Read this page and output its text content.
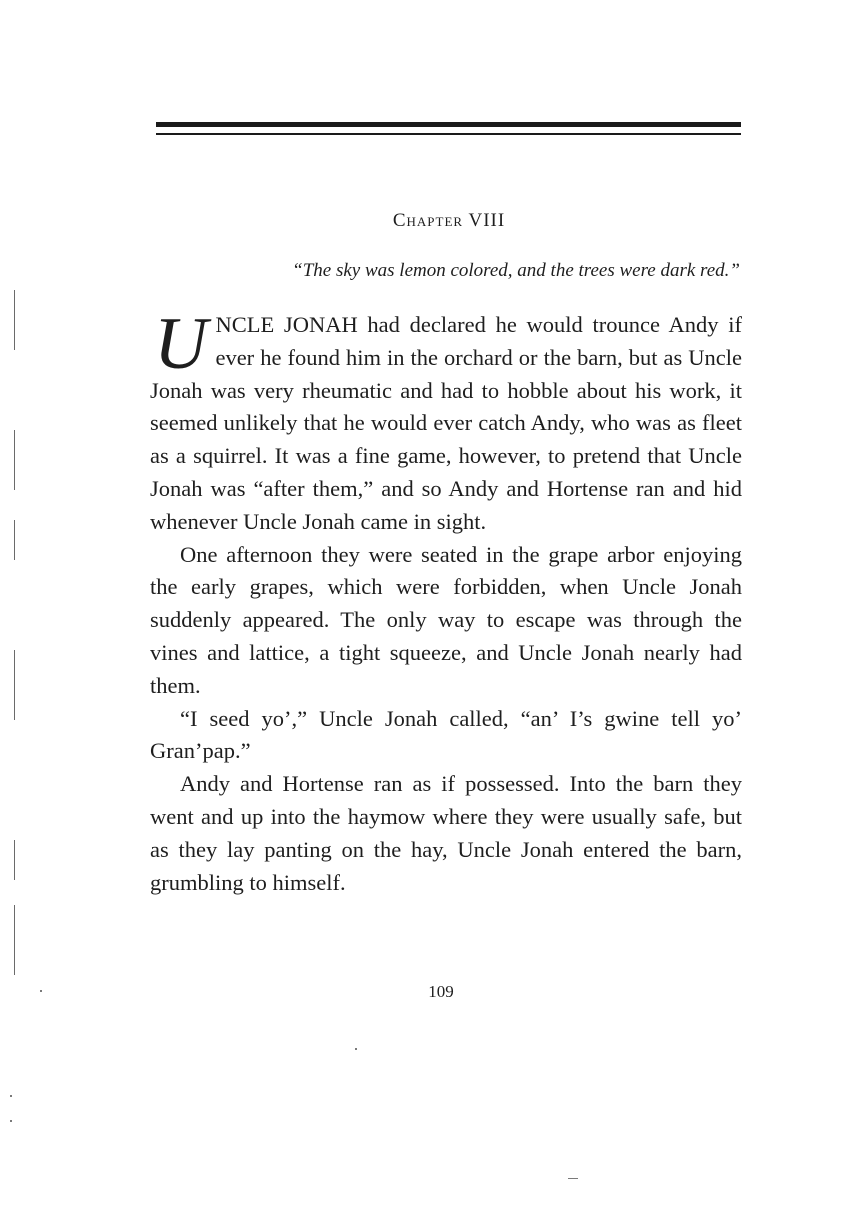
Chapter VIII
“The sky was lemon colored, and the trees were dark red.”

UNCLE JONAH had declared he would trounce Andy if ever he found him in the orchard or the barn, but as Uncle Jonah was very rheumatic and had to hobble about his work, it seemed unlikely that he would ever catch Andy, who was as fleet as a squirrel. It was a fine game, however, to pretend that Uncle Jonah was “after them,” and so Andy and Hortense ran and hid whenever Uncle Jonah came in sight.

One afternoon they were seated in the grape arbor enjoying the early grapes, which were forbidden, when Uncle Jonah suddenly appeared. The only way to escape was through the vines and lattice, a tight squeeze, and Uncle Jonah nearly had them.

“I seed yo’,” Uncle Jonah called, “an’ I’s gwine tell yo’ Gran’pap.”

Andy and Hortense ran as if possessed. Into the barn they went and up into the haymow where they were usually safe, but as they lay panting on the hay, Uncle Jonah entered the barn, grumbling to himself.

109
